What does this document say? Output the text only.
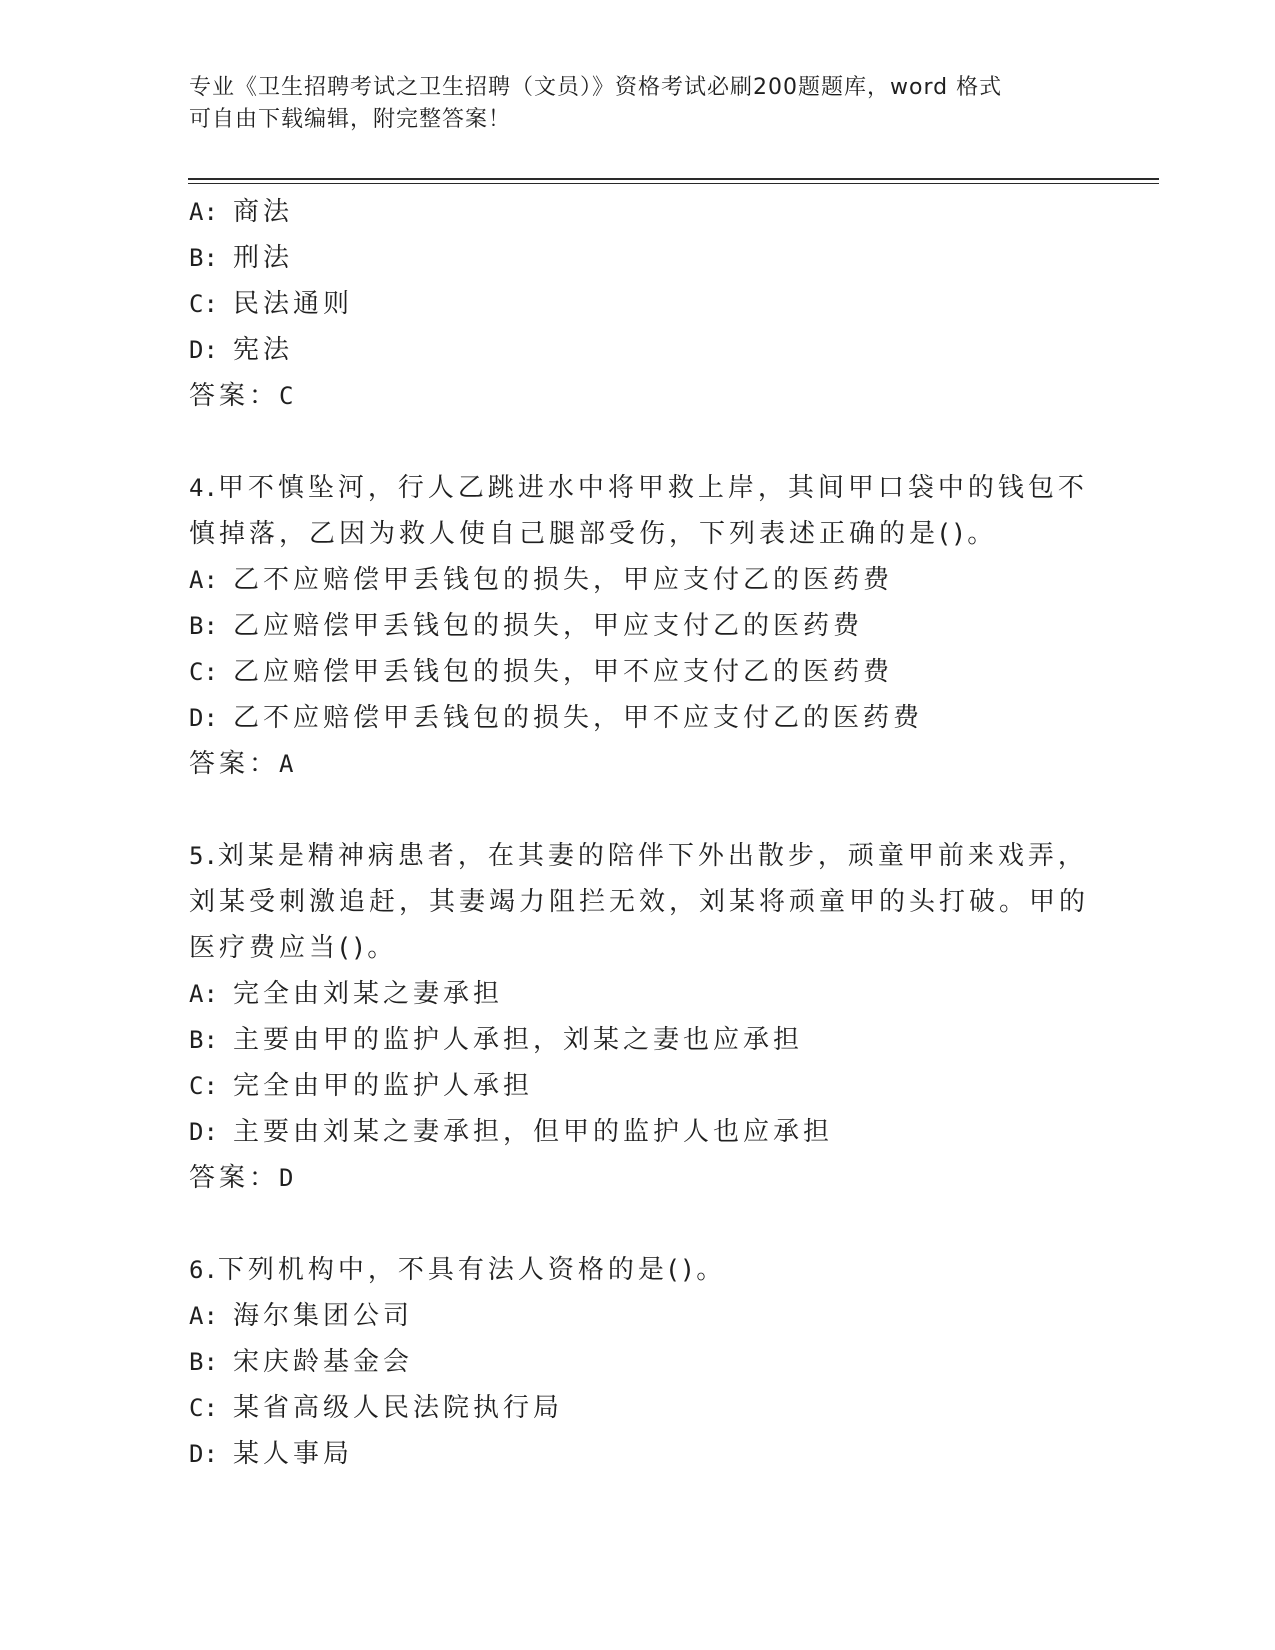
专业《卫生招聘考试之卫生招聘（文员）》资格考试必刷200题题库，word 格式
可自由下载编辑，附完整答案！
A: 商法
B: 刑法
C: 民法通则
D: 宪法
答案：C
4.甲不慎坠河，行人乙跳进水中将甲救上岸，其间甲口袋中的钱包不
慎掉落，乙因为救人使自己腿部受伤，下列表述正确的是()。
A: 乙不应赔偿甲丢钱包的损失，甲应支付乙的医药费
B: 乙应赔偿甲丢钱包的损失，甲应支付乙的医药费
C: 乙应赔偿甲丢钱包的损失，甲不应支付乙的医药费
D: 乙不应赔偿甲丢钱包的损失，甲不应支付乙的医药费
答案：A
5.刘某是精神病患者，在其妻的陪伴下外出散步，顽童甲前来戏弄，
刘某受刺激追赶，其妻竭力阻拦无效，刘某将顽童甲的头打破。甲的
医疗费应当()。
A: 完全由刘某之妻承担
B: 主要由甲的监护人承担，刘某之妻也应承担
C: 完全由甲的监护人承担
D: 主要由刘某之妻承担，但甲的监护人也应承担
答案：D
6.下列机构中，不具有法人资格的是()。
A: 海尔集团公司
B: 宋庆龄基金会
C: 某省高级人民法院执行局
D: 某人事局
